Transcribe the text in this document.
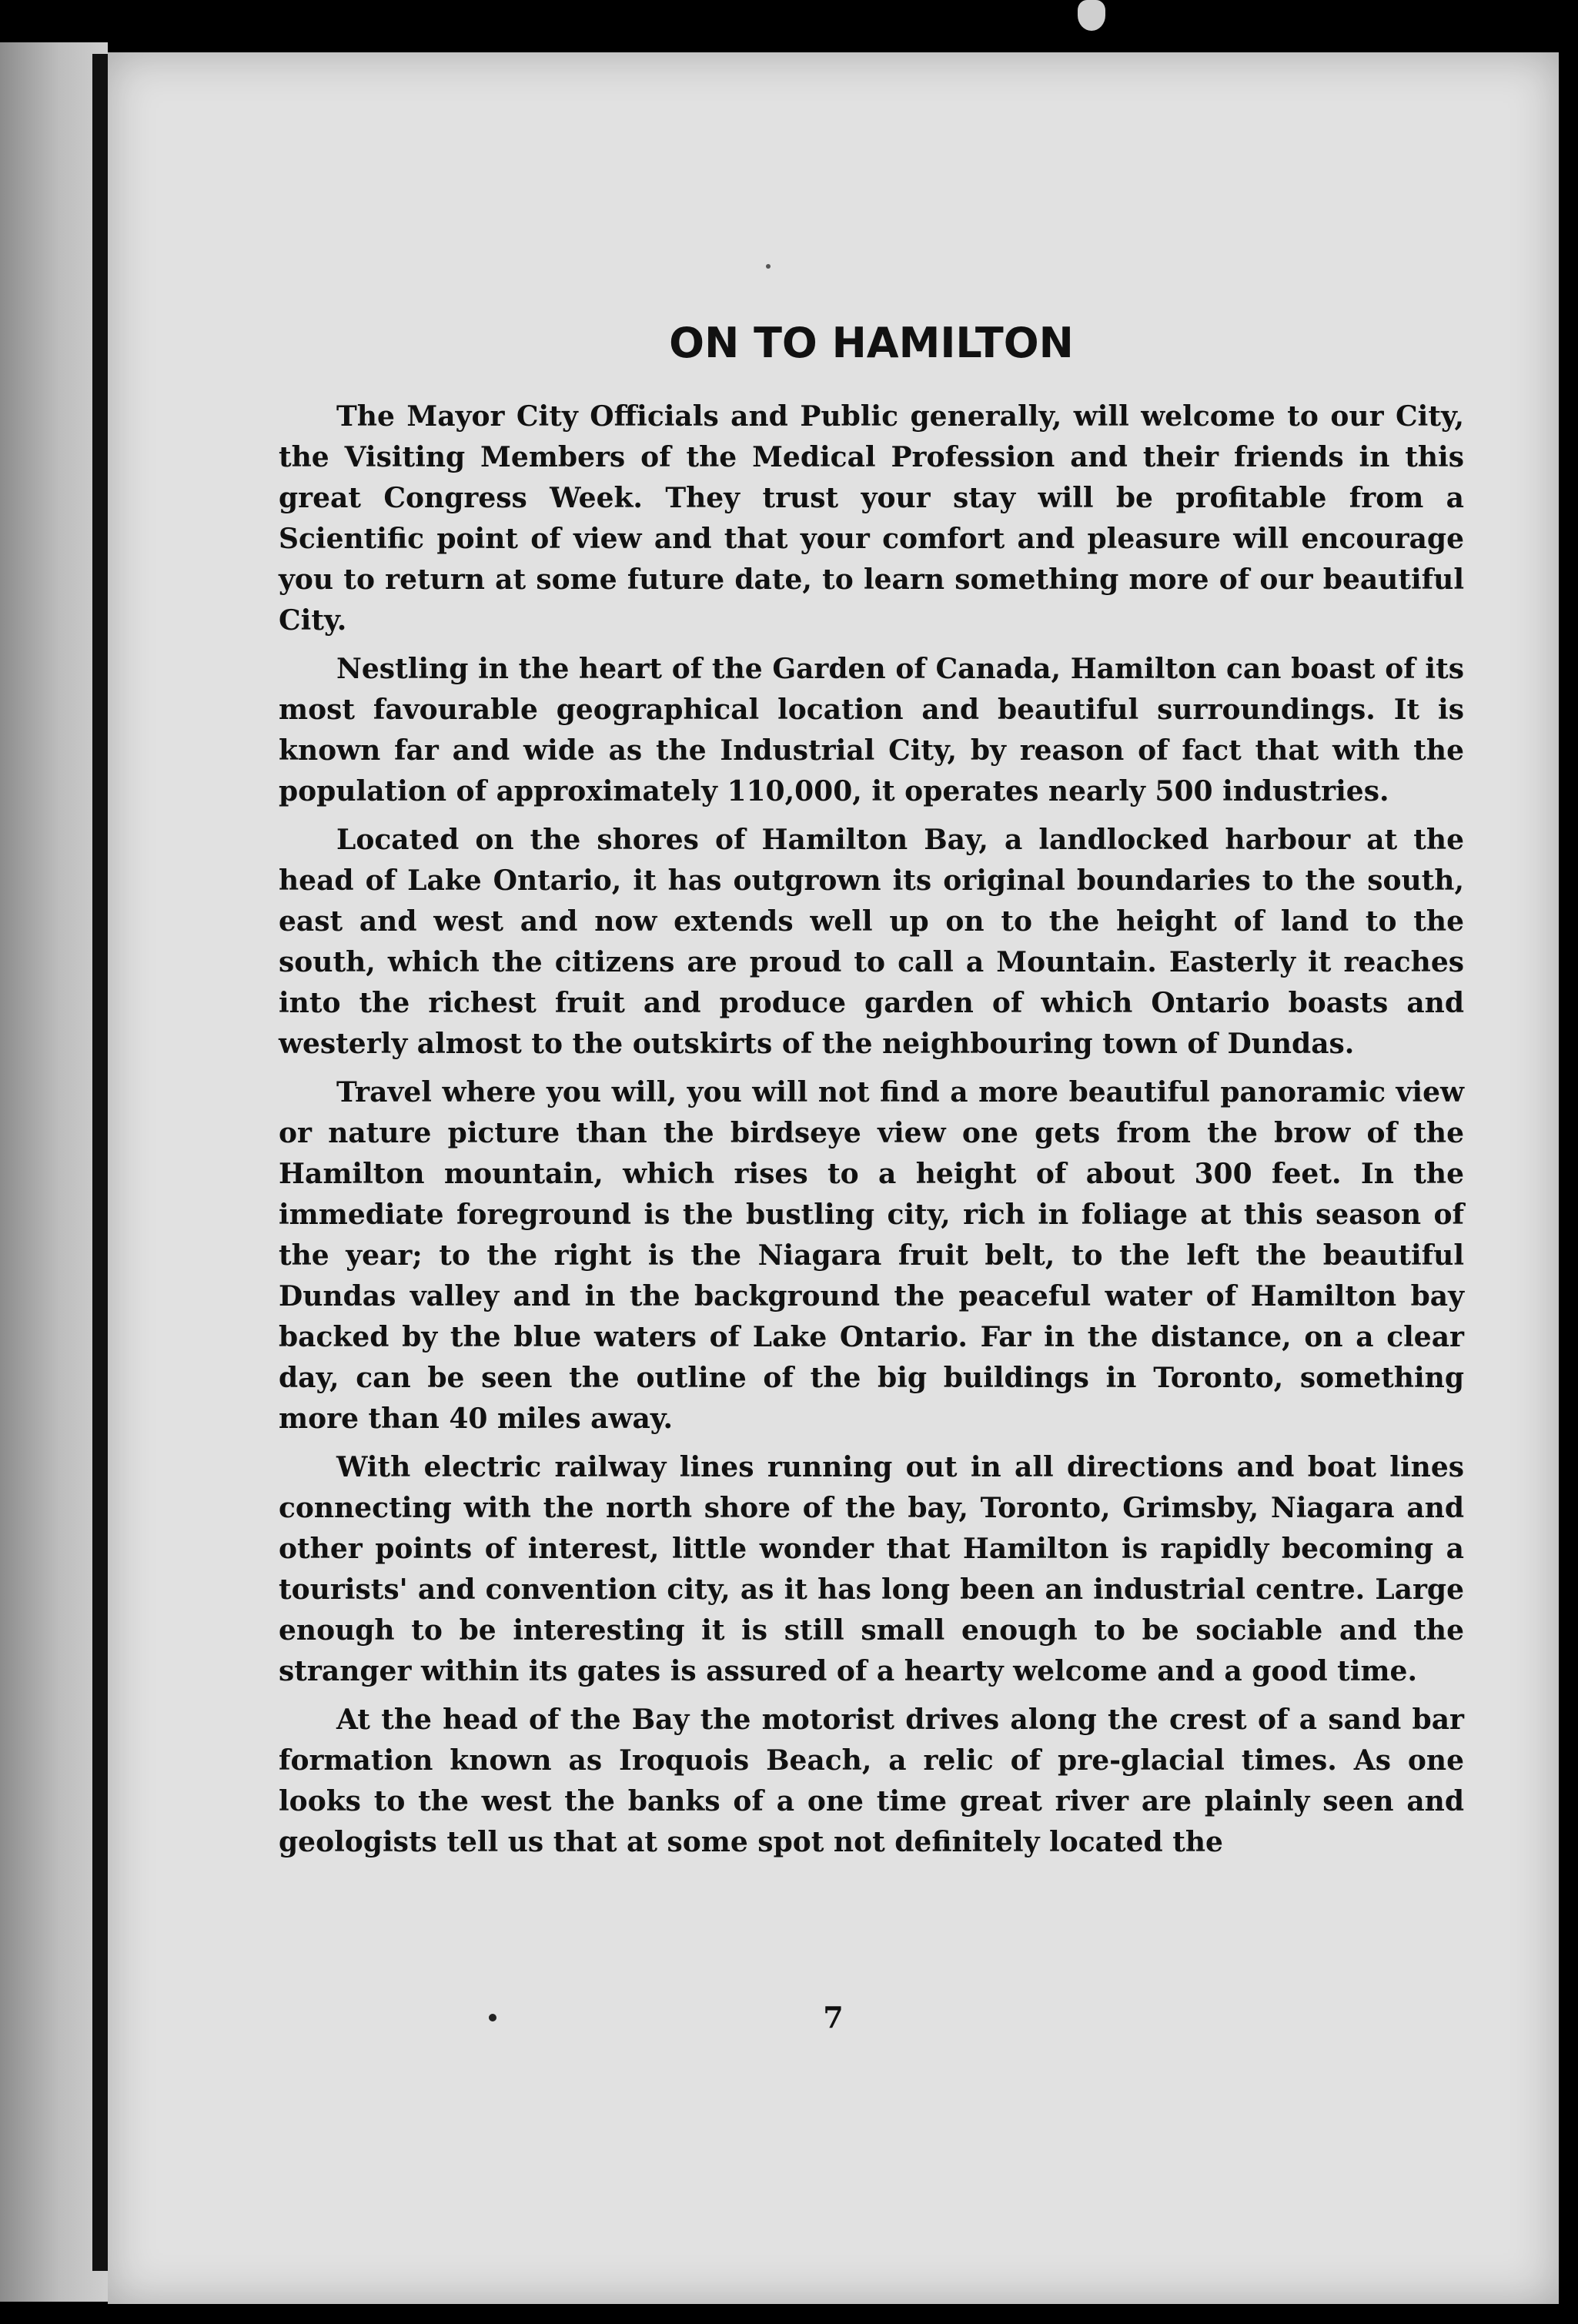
ON TO HAMILTON

The Mayor City Officials and Public generally, will welcome to our City, the Visiting Members of the Medical Profession and their friends in this great Congress Week. They trust your stay will be profitable from a Scientific point of view and that your comfort and pleasure will encourage you to return at some future date, to learn something more of our beautiful City.

Nestling in the heart of the Garden of Canada, Hamilton can boast of its most favourable geographical location and beautiful surroundings. It is known far and wide as the Industrial City, by reason of fact that with the population of approximately 110,000, it operates nearly 500 industries.

Located on the shores of Hamilton Bay, a landlocked harbour at the head of Lake Ontario, it has outgrown its original boundaries to the south, east and west and now extends well up on to the height of land to the south, which the citizens are proud to call a Mountain. Easterly it reaches into the richest fruit and produce garden of which Ontario boasts and westerly almost to the outskirts of the neighbouring town of Dundas.

Travel where you will, you will not find a more beautiful panoramic view or nature picture than the birdseye view one gets from the brow of the Hamilton mountain, which rises to a height of about 300 feet. In the immediate foreground is the bustling city, rich in foliage at this season of the year; to the right is the Niagara fruit belt, to the left the beautiful Dundas valley and in the background the peaceful water of Hamilton bay backed by the blue waters of Lake Ontario. Far in the distance, on a clear day, can be seen the outline of the big buildings in Toronto, something more than 40 miles away.

With electric railway lines running out in all directions and boat lines connecting with the north shore of the bay, Toronto, Grimsby, Niagara and other points of interest, little wonder that Hamilton is rapidly becoming a tourists' and convention city, as it has long been an industrial centre. Large enough to be interesting it is still small enough to be sociable and the stranger within its gates is assured of a hearty welcome and a good time.

At the head of the Bay the motorist drives along the crest of a sand bar formation known as Iroquois Beach, a relic of pre-glacial times. As one looks to the west the banks of a one time great river are plainly seen and geologists tell us that at some spot not definitely located the

7
